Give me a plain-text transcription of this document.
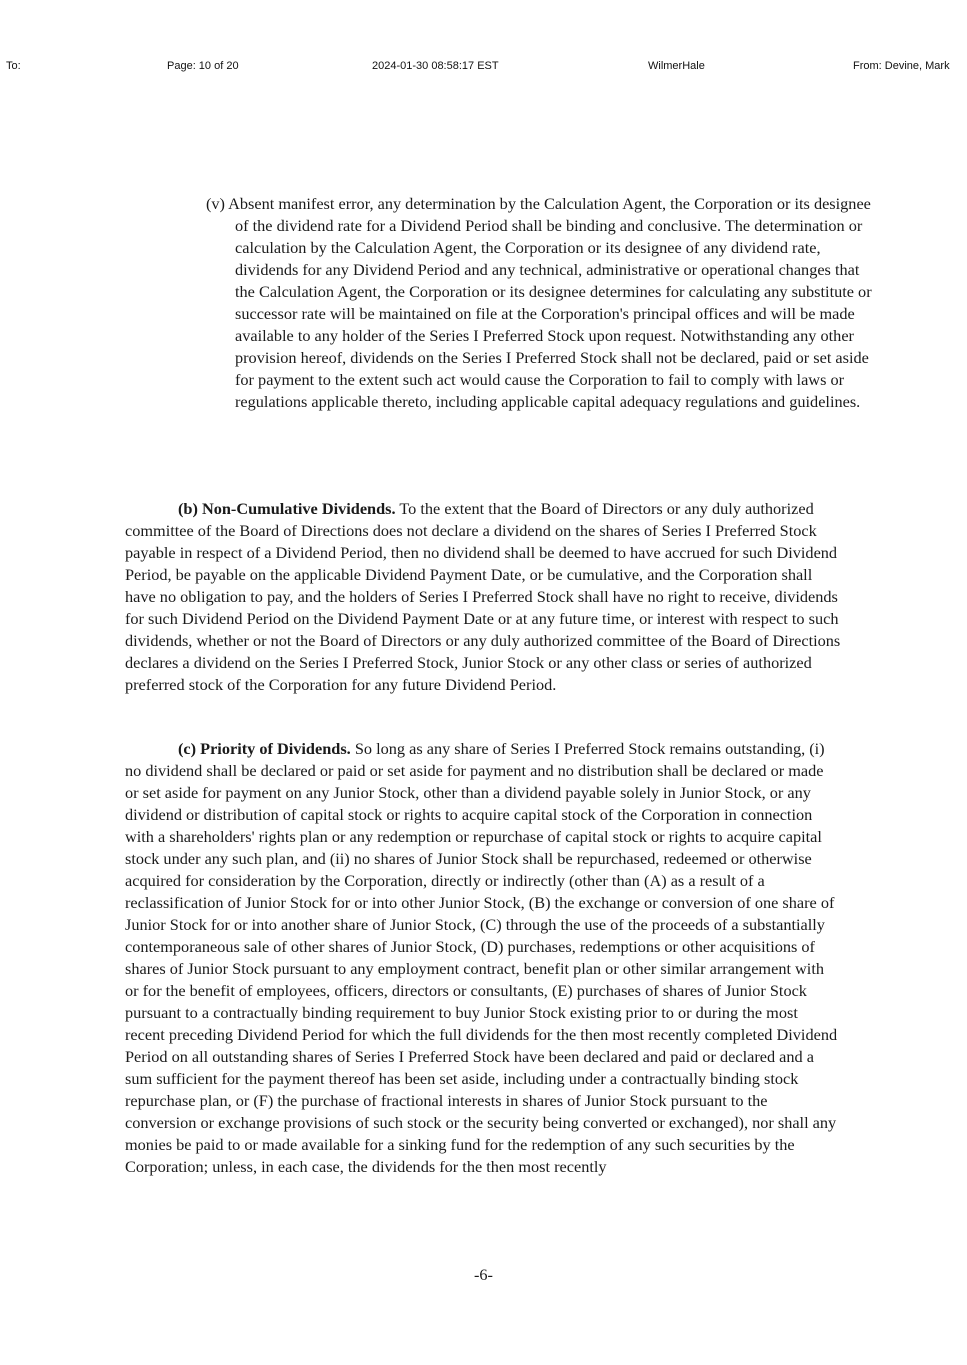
To:	Page: 10 of 20	2024-01-30 08:58:17 EST	WilmerHale	From: Devine, Mark

(v) Absent manifest error, any determination by the Calculation Agent, the Corporation or its designee of the dividend rate for a Dividend Period shall be binding and conclusive. The determination or calculation by the Calculation Agent, the Corporation or its designee of any dividend rate, dividends for any Dividend Period and any technical, administrative or operational changes that the Calculation Agent, the Corporation or its designee determines for calculating any substitute or successor rate will be maintained on file at the Corporation's principal offices and will be made available to any holder of the Series I Preferred Stock upon request. Notwithstanding any other provision hereof, dividends on the Series I Preferred Stock shall not be declared, paid or set aside for payment to the extent such act would cause the Corporation to fail to comply with laws or regulations applicable thereto, including applicable capital adequacy regulations and guidelines.

(b) Non-Cumulative Dividends. To the extent that the Board of Directors or any duly authorized committee of the Board of Directions does not declare a dividend on the shares of Series I Preferred Stock payable in respect of a Dividend Period, then no dividend shall be deemed to have accrued for such Dividend Period, be payable on the applicable Dividend Payment Date, or be cumulative, and the Corporation shall have no obligation to pay, and the holders of Series I Preferred Stock shall have no right to receive, dividends for such Dividend Period on the Dividend Payment Date or at any future time, or interest with respect to such dividends, whether or not the Board of Directors or any duly authorized committee of the Board of Directions declares a dividend on the Series I Preferred Stock, Junior Stock or any other class or series of authorized preferred stock of the Corporation for any future Dividend Period.

(c) Priority of Dividends. So long as any share of Series I Preferred Stock remains outstanding, (i) no dividend shall be declared or paid or set aside for payment and no distribution shall be declared or made or set aside for payment on any Junior Stock, other than a dividend payable solely in Junior Stock, or any dividend or distribution of capital stock or rights to acquire capital stock of the Corporation in connection with a shareholders' rights plan or any redemption or repurchase of capital stock or rights to acquire capital stock under any such plan, and (ii) no shares of Junior Stock shall be repurchased, redeemed or otherwise acquired for consideration by the Corporation, directly or indirectly (other than (A) as a result of a reclassification of Junior Stock for or into other Junior Stock, (B) the exchange or conversion of one share of Junior Stock for or into another share of Junior Stock, (C) through the use of the proceeds of a substantially contemporaneous sale of other shares of Junior Stock, (D) purchases, redemptions or other acquisitions of shares of Junior Stock pursuant to any employment contract, benefit plan or other similar arrangement with or for the benefit of employees, officers, directors or consultants, (E) purchases of shares of Junior Stock pursuant to a contractually binding requirement to buy Junior Stock existing prior to or during the most recent preceding Dividend Period for which the full dividends for the then most recently completed Dividend Period on all outstanding shares of Series I Preferred Stock have been declared and paid or declared and a sum sufficient for the payment thereof has been set aside, including under a contractually binding stock repurchase plan, or (F) the purchase of fractional interests in shares of Junior Stock pursuant to the conversion or exchange provisions of such stock or the security being converted or exchanged), nor shall any monies be paid to or made available for a sinking fund for the redemption of any such securities by the Corporation; unless, in each case, the dividends for the then most recently

-6-
